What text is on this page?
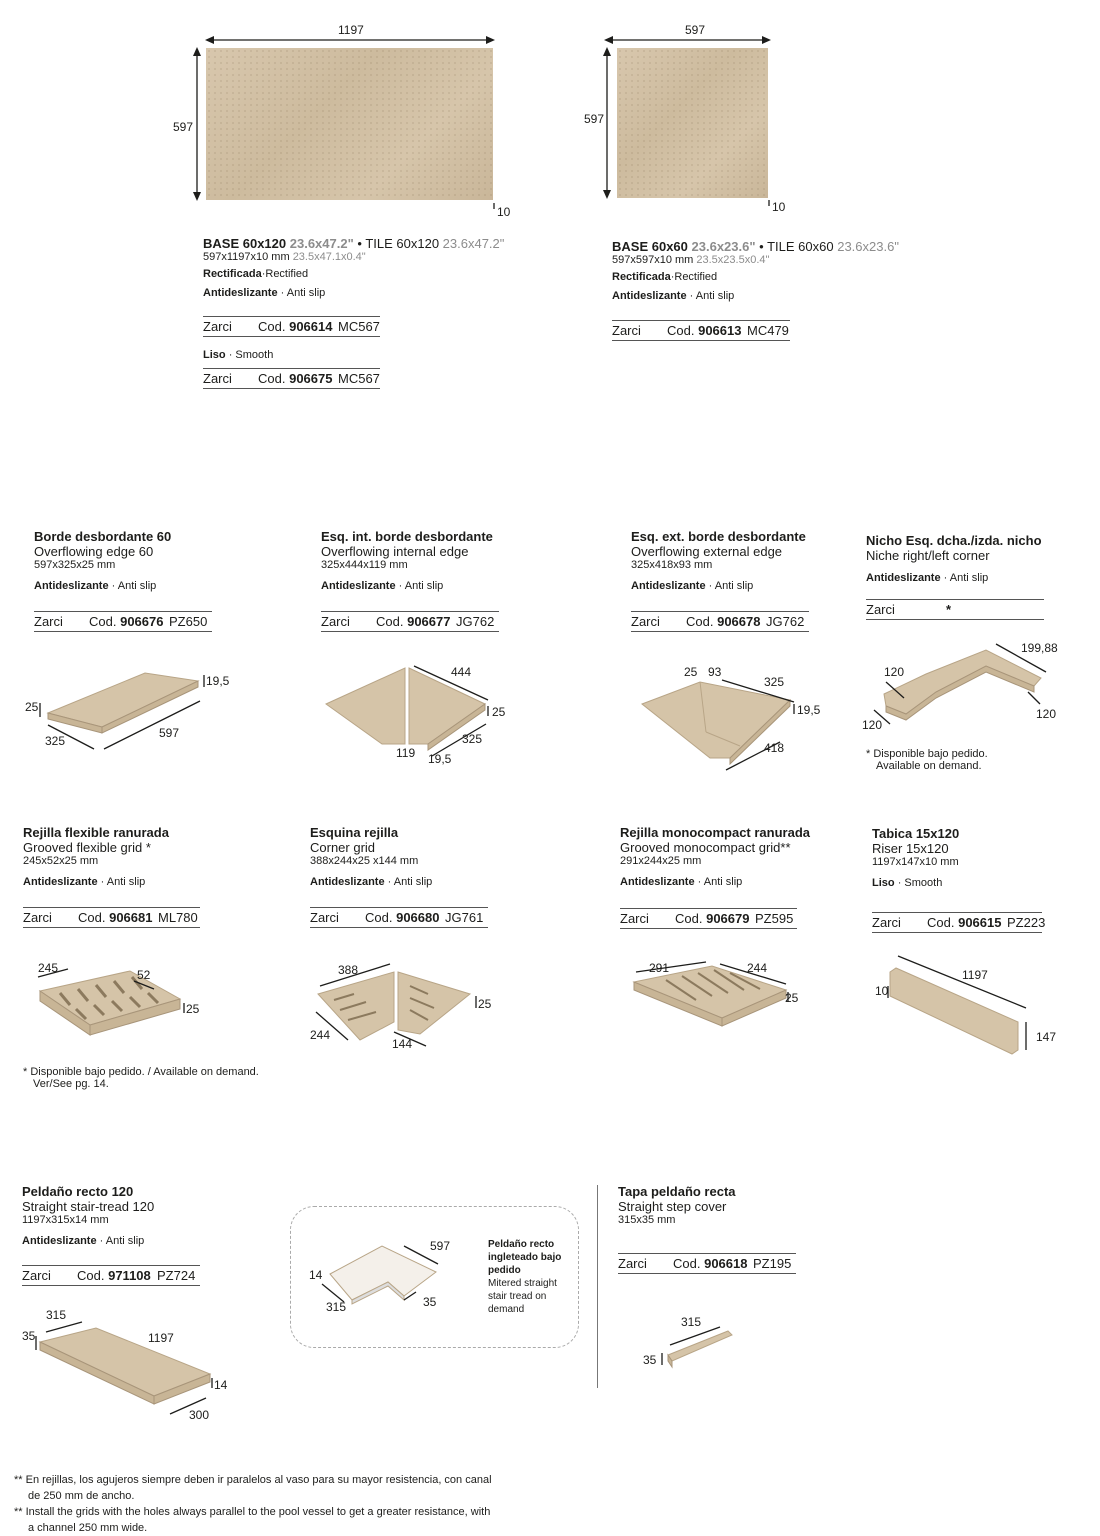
1197
597
10
BASE 60x120 23.6x47.2" • TILE 60x120 23.6x47.2"
597x1197x10 mm 23.5x47.1x0.4"
Rectificada·Rectified
Antideslizante · Anti slip
Zarci Cod. 906614 MC567
Liso · Smooth
Zarci Cod. 906675 MC567
597
597
10
BASE 60x60 23.6x23.6" • TILE 60x60 23.6x23.6"
597x597x10 mm 23.5x23.5x0.4"
Rectificada·Rectified
Antideslizante · Anti slip
Zarci Cod. 906613 MC479
Borde desbordante 60
Overflowing edge 60
597x325x25 mm
Antideslizante · Anti slip
Zarci Cod. 906676 PZ650
19,5
25
325
597
Esq. int. borde desbordante
Overflowing internal edge
325x444x119 mm
Antideslizante · Anti slip
Zarci Cod. 906677 JG762
444
25
325
119 19,5
Esq. ext. borde desbordante
Overflowing external edge
325x418x93 mm
Antideslizante · Anti slip
Zarci Cod. 906678 JG762
25 93
325
19,5
418
Nicho Esq. dcha./izda. nicho
Niche right/left corner
Antideslizante · Anti slip
Zarci	*
199,88
120
120
120
* Disponible bajo pedido.
Available on demand.
Rejilla flexible ranurada
Grooved flexible grid *
245x52x25 mm
Antideslizante · Anti slip
Zarci Cod. 906681 ML780
245	52
25
* Disponible bajo pedido. / Available on demand.
Ver/See pg. 14.
Esquina rejilla
Corner grid
388x244x25 x144 mm
Antideslizante · Anti slip
Zarci Cod. 906680 JG761
388
25
244
144
Rejilla monocompact ranurada
Grooved monocompact grid**
291x244x25 mm
Antideslizante · Anti slip
Zarci Cod. 906679 PZ595
291	244
25
Tabica 15x120
Riser 15x120
1197x147x10 mm
Liso · Smooth
Zarci Cod. 906615 PZ223
1197
10
147
Peldaño recto 120
Straight stair-tread 120
1197x315x14 mm
Antideslizante · Anti slip
Zarci Cod. 971108 PZ724
315
35	1197
14
300
597
14
315	35
Peldaño recto
ingleteado bajo
pedido
Mitered straight
stair tread on
demand
Tapa peldaño recta
Straight step cover
315x35 mm
Zarci Cod. 906618 PZ195
315
35
** En rejillas, los agujeros siempre deben ir paralelos al vaso para su mayor resistencia, con canal
de 250 mm de ancho.
** Install the grids with the holes always parallel to the pool vessel to get a greater resistance, with
a channel 250 mm wide.
